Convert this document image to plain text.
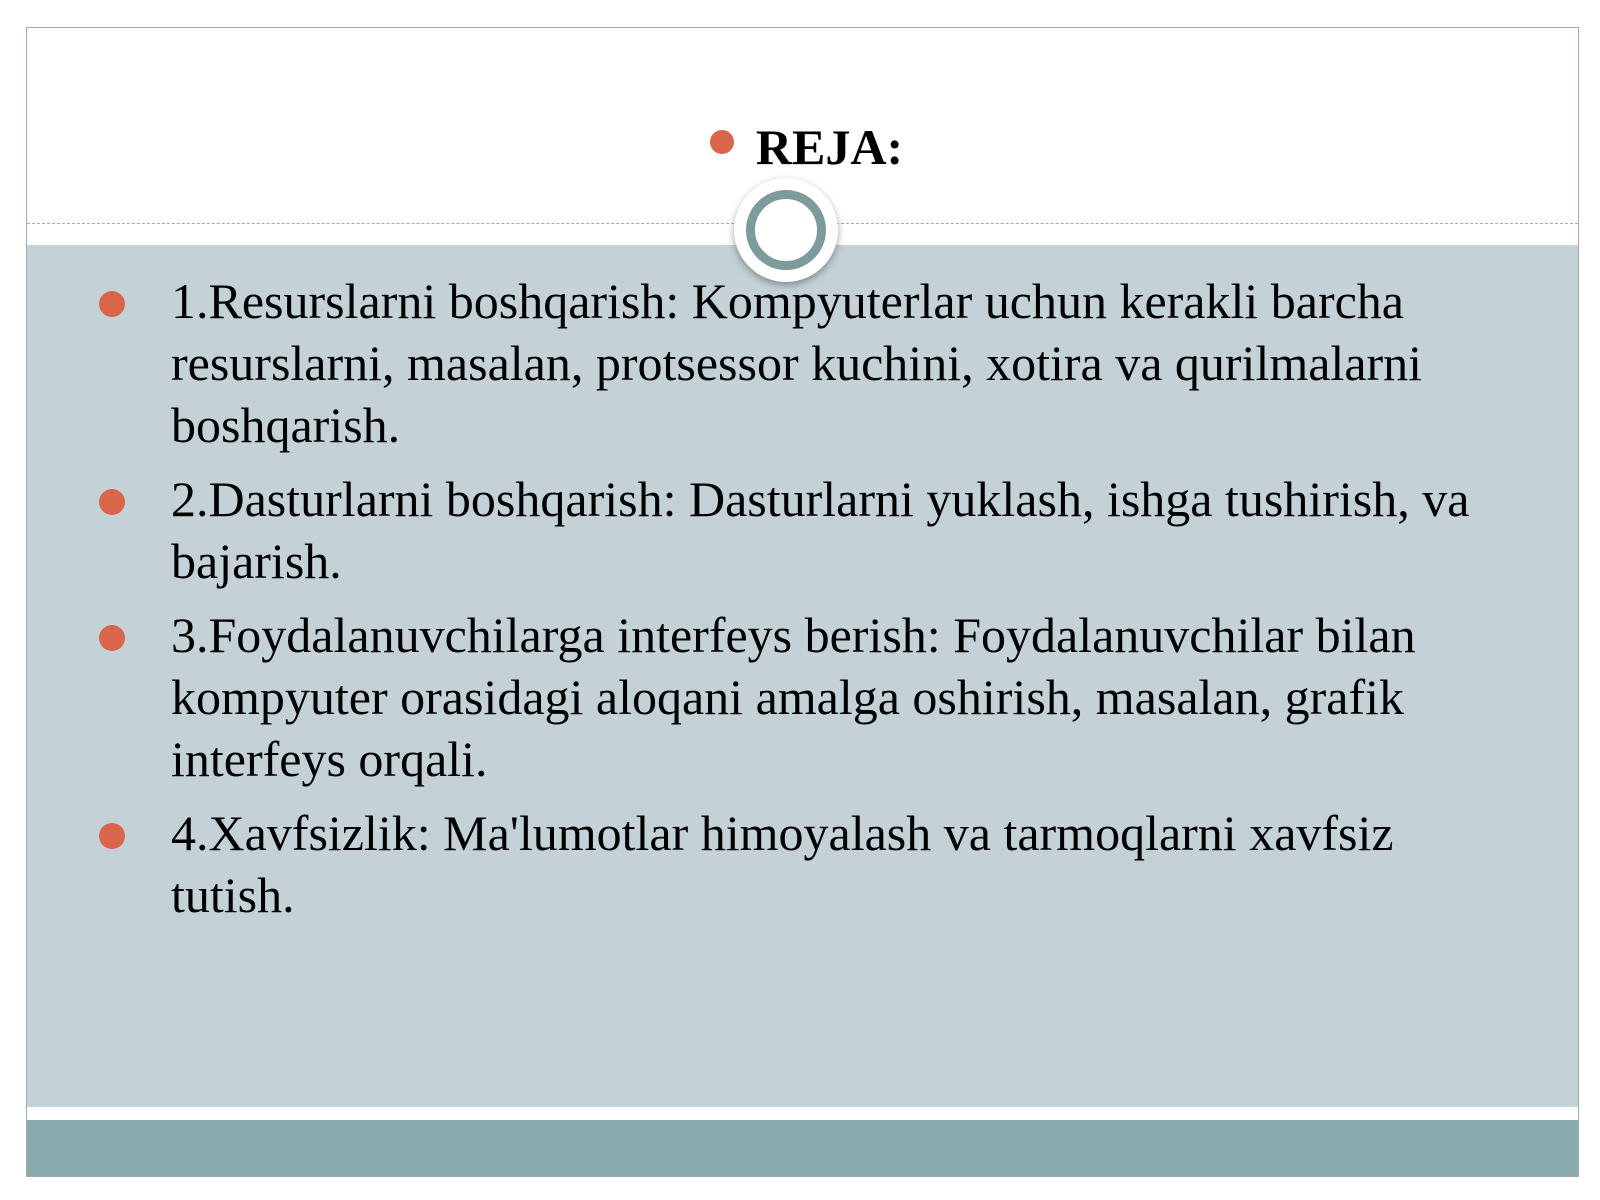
REJA:
1.Resurslarni boshqarish: Kompyuterlar uchun kerakli barcha resurslarni, masalan, protsessor kuchini, xotira va qurilmalarni boshqarish.
2.Dasturlarni boshqarish: Dasturlarni yuklash, ishga tushirish, va bajarish.
3.Foydalanuvchilarga interfeys berish: Foydalanuvchilar bilan kompyuter orasidagi aloqani amalga oshirish, masalan, grafik interfeys orqali.
4.Xavfsizlik: Ma'lumotlar himoyalash va tarmoqlarni xavfsiz tutish.
